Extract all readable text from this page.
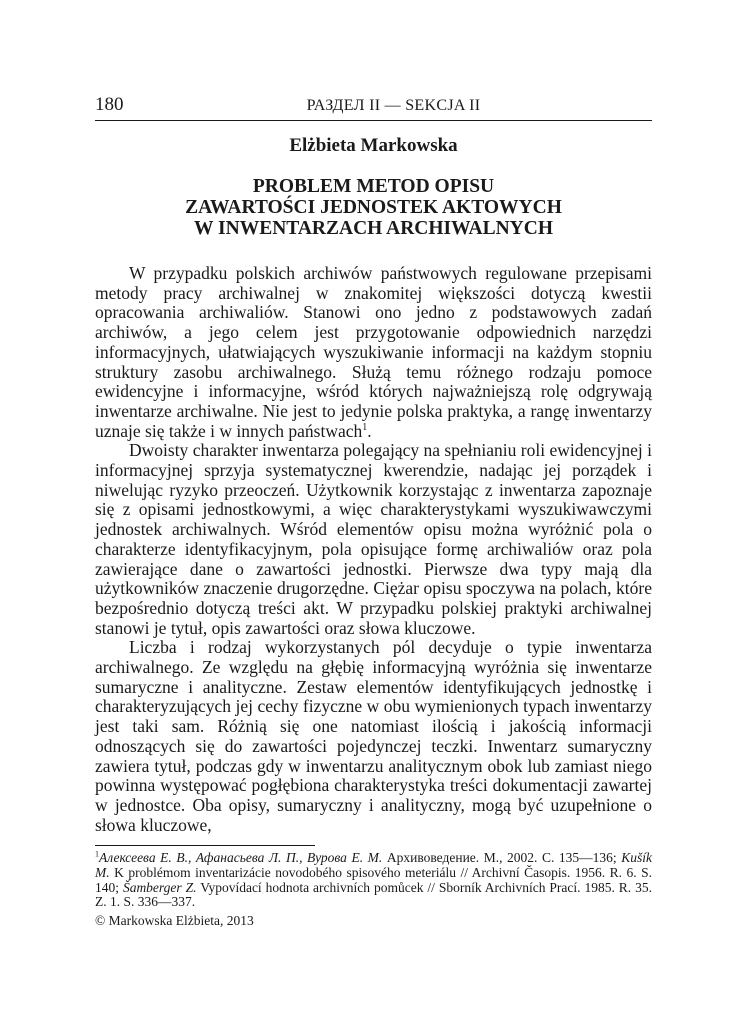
180	РАЗДЕЛ II — SEKCJA II
Elżbieta Markowska
PROBLEM METOD OPISU
ZAWARTOŚCI JEDNOSTEK AKTOWYCH
W INWENTARZACH ARCHIWALNYCH

W przypadku polskich archiwów państwowych regulowane przepisami metody pracy archiwalnej w znakomitej większości dotyczą kwestii opracowania archiwaliów. Stanowi ono jedno z podstawowych zadań archiwów, a jego celem jest przygotowanie odpowiednich narzędzi informacyjnych, ułatwiających wyszukiwanie informacji na każdym stopniu struktury zasobu archiwalnego. Służą temu różnego rodzaju pomoce ewidencyjne i informacyjne, wśród których najważniejszą rolę odgrywają inwentarze archiwalne. Nie jest to jedynie polska praktyka, a rangę inwentarzy uznaje się także i w innych państwach$^1$.

Dwoisty charakter inwentarza polegający na spełnianiu roli ewidencyjnej i informacyjnej sprzyja systematycznej kwerendzie, nadając jej porządek i niwelując ryzyko przeoczeń. Użytkownik korzystając z inwentarza zapoznaje się z opisami jednostkowymi, a więc charakterystykami wyszukiwawczymi jednostek archiwalnych. Wśród elementów opisu można wyróżnić pola o charakterze identyfikacyjnym, pola opisujące formę archiwaliów oraz pola zawierające dane o zawartości jednostki. Pierwsze dwa typy mają dla użytkowników znaczenie drugorzędne. Ciężar opisu spoczywa na polach, które bezpośrednio dotyczą treści akt. W przypadku polskiej praktyki archiwalnej stanowi je tytuł, opis zawartości oraz słowa kluczowe.

Liczba i rodzaj wykorzystanych pól decyduje o typie inwentarza archiwalnego. Ze względu na głębię informacyjną wyróżnia się inwentarze sumaryczne i analityczne. Zestaw elementów identyfikujących jednostkę i charakteryzujących jej cechy fizyczne w obu wymienionych typach inwentarzy jest taki sam. Różnią się one natomiast ilością i jakością informacji odnoszących się do zawartości pojedynczej teczki. Inwentarz sumaryczny zawiera tytuł, podczas gdy w inwentarzu analitycznym obok lub zamiast niego powinna występować pogłębiona charakterystyka treści dokumentacji zawartej w jednostce. Oba opisy, sumaryczny i analityczny, mogą być uzupełnione o słowa kluczowe,

$^1$Алексеева Е. В., Афанасьева Л. П., Вурова Е. М. Архивоведение. М., 2002. С. 135—136; Kušík M. K problémom inventarizácie novodobého spisového meteriálu // Archivní Časopis. 1956. R. 6. S. 140; Šamberger Z. Vypovídací hodnota archivních pomůcek // Sborník Archivních Prací. 1985. R. 35. Z. 1. S. 336—337.

© Markowska Elżbieta, 2013
